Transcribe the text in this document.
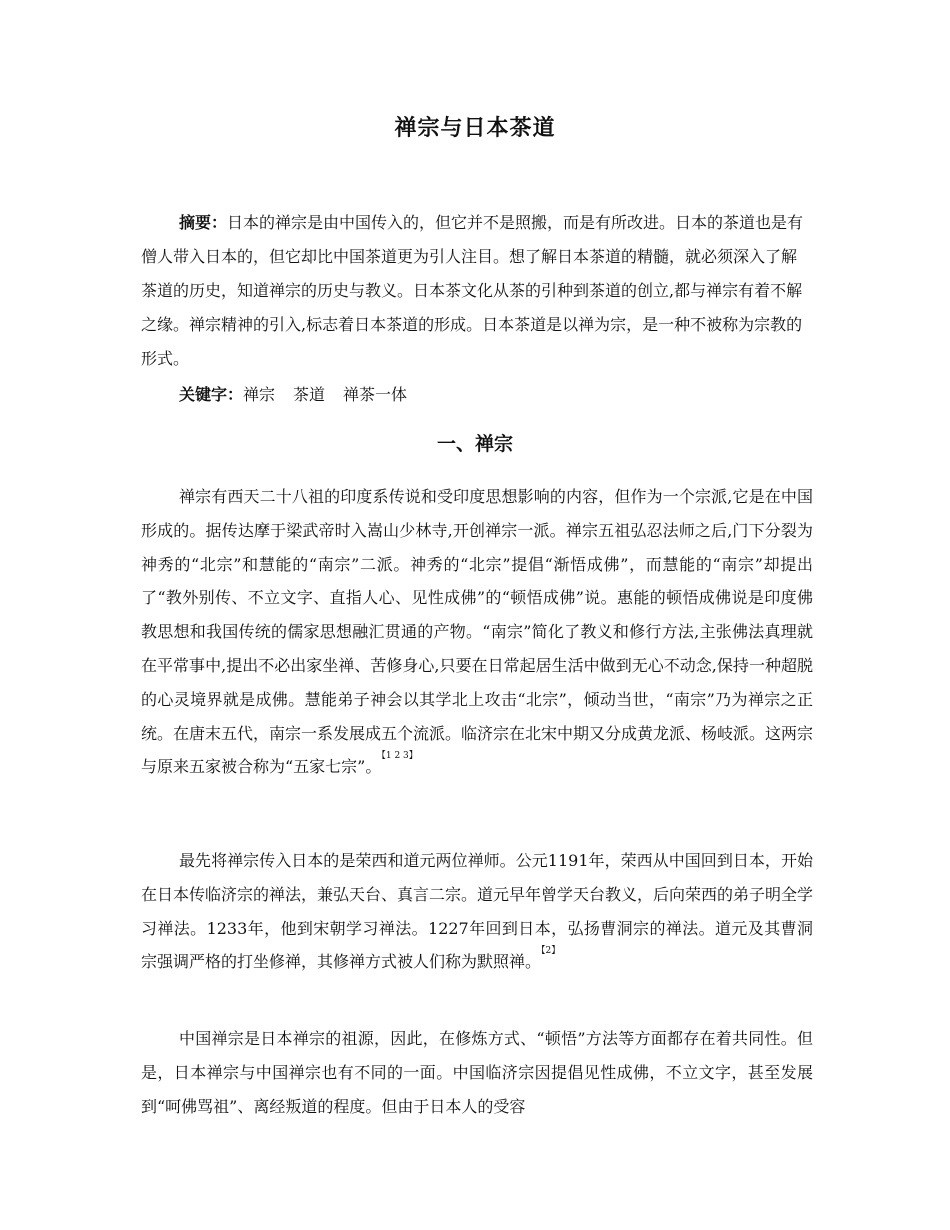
禅宗与日本茶道

摘要：日本的禅宗是由中国传入的，但它并不是照搬，而是有所改进。日本的茶道也是有僧人带入日本的，但它却比中国茶道更为引人注目。想了解日本茶道的精髓，就必须深入了解茶道的历史，知道禅宗的历史与教义。日本茶文化从茶的引种到茶道的创立,都与禅宗有着不解之缘。禅宗精神的引入,标志着日本茶道的形成。日本茶道是以禅为宗，是一种不被称为宗教的形式。

关键字：禅宗 茶道 禅茶一体

一、禅宗

禅宗有西天二十八祖的印度系传说和受印度思想影响的内容，但作为一个宗派,它是在中国形成的。据传达摩于梁武帝时入嵩山少林寺,开创禅宗一派。禅宗五祖弘忍法师之后,门下分裂为神秀的“北宗”和慧能的“南宗”二派。神秀的“北宗”提倡“渐悟成佛”，而慧能的“南宗”却提出了“教外别传、不立文字、直指人心、见性成佛”的“顿悟成佛”说。惠能的顿悟成佛说是印度佛教思想和我国传统的儒家思想融汇贯通的产物。“南宗”简化了教义和修行方法,主张佛法真理就在平常事中,提出不必出家坐禅、苦修身心,只要在日常起居生活中做到无心不动念,保持一种超脱的心灵境界就是成佛。慧能弟子神会以其学北上攻击“北宗”，倾动当世，“南宗”乃为禅宗之正统。在唐末五代，南宗一系发展成五个流派。临济宗在北宋中期又分成黄龙派、杨岐派。这两宗与原来五家被合称为“五家七宗”。$^{【1 2 3】}$

最先将禅宗传入日本的是荣西和道元两位禅师。公元1191年，荣西从中国回到日本，开始在日本传临济宗的禅法，兼弘天台、真言二宗。道元早年曾学天台教义，后向荣西的弟子明全学习禅法。1233年，他到宋朝学习禅法。1227年回到日本，弘扬曹洞宗的禅法。道元及其曹洞宗强调严格的打坐修禅，其修禅方式被人们称为默照禅。$^{【2】}$

中国禅宗是日本禅宗的祖源，因此，在修炼方式、“顿悟”方法等方面都存在着共同性。但是，日本禅宗与中国禅宗也有不同的一面。中国临济宗因提倡见性成佛，不立文字，甚至发展到“呵佛骂祖”、离经叛道的程度。但由于日本人的受容
